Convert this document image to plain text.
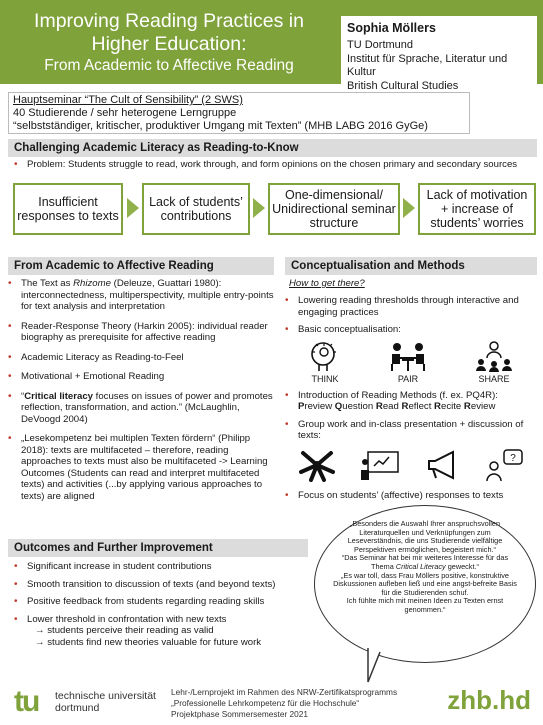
Improving Reading Practices in
Higher Education:
From Academic to Affective Reading
Sophia Möllers
TU Dortmund
Institut für Sprache, Literatur und Kultur
British Cultural Studies
Hauptseminar “The Cult of Sensibility” (2 SWS)
40 Studierende / sehr heterogene Lerngruppe
“selbstständiger, kritischer, produktiver Umgang mit Texten” (MHB LABG 2016 GyGe)
Challenging Academic Literacy as Reading-to-Know
• Problem: Students struggle to read, work through, and form opinions on the chosen primary and secondary sources
Insufficient responses to texts
Lack of students’ contributions
One-dimensional/ Unidirectional seminar structure
Lack of motivation + increase of students’ worries
From Academic to Affective Reading
• The Text as Rhizome (Deleuze, Guattari 1980): interconnectedness, multiperspectivity, multiple entry-points for text analysis and interpretation
• Reader-Response Theory (Harkin 2005): individual reader biography as prerequisite for affective reading
• Academic Literacy as Reading-to-Feel
• Motivational + Emotional Reading
• “Critical literacy focuses on issues of power and promotes reflection, transformation, and action.” (McLaughlin, DeVoogd 2004)
• „Lesekompetenz bei multiplen Texten fördern“ (Philipp 2018): texts are multifaceted – therefore, reading approaches to texts must also be multifaceted -> Learning Outcomes (Students can read and interpret multifaceted texts) and activities (...by applying various approaches to texts) are aligned
Conceptualisation and Methods
How to get there?
• Lowering reading thresholds through interactive and engaging practices
• Basic conceptualisation:
THINK	PAIR	SHARE
• Introduction of Reading Methods (f. ex. PQ4R):
Preview Question Read Reflect Recite Review
• Group work and in-class presentation + discussion of texts:
?
• Focus on students’ (affective) responses to texts
Outcomes and Further Improvement
• Significant increase in student contributions
• Smooth transition to discussion of texts (and beyond texts)
• Positive feedback from students regarding reading skills
• Lower threshold in confrontation with new texts
→ students perceive their reading as valid
→ students find new theories valuable for future work
„Besonders die Auswahl Ihrer anspruchsvollen Literaturquellen und Verknüpfungen zum Leseverständnis, die uns Studierende vielfältige Perspektiven ermöglichen, begeistert mich.“
“Das Seminar hat bei mir weiteres Interesse für das Thema Critical Literacy geweckt.“
„Es war toll, dass Frau Möllers positive, konstruktive Diskussionen aufleben ließ und eine angst-befreite Basis für die Studierenden schuf.
Ich fühlte mich mit meinen Ideen zu Texten ernst genommen.“
tu technische universität
dortmund
Lehr-/Lernprojekt im Rahmen des NRW-Zertifikatsprogramms
„Professionelle Lehrkompetenz für die Hochschule“
Projektphase Sommersemester 2021	zhb.hd
